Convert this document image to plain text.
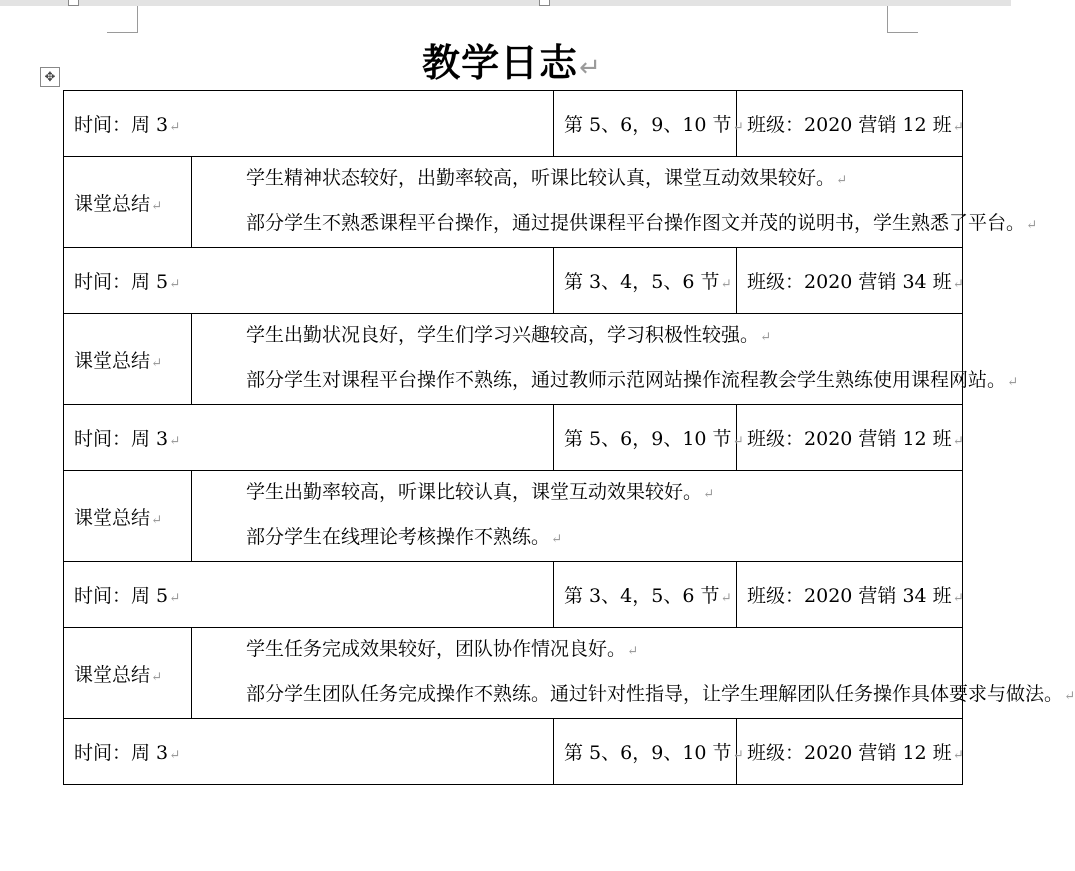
✥	教学日志↵
时间：周 3↵		第 5、6，9、10 节↵	班级：2020 营销 12 班↵
课堂总结↵	学生精神状态较好，出勤率较高，听课比较认真，课堂互动效果较好。↵

部分学生不熟悉课程平台操作，通过提供课程平台操作图文并茂的说明书，学生熟悉了平台。↵		

时间：周 5↵		第 3、4，5、6 节↵	班级：2020 营销 34 班↵
课堂总结↵	学生出勤状况良好，学生们学习兴趣较高，学习积极性较强。↵

部分学生对课程平台操作不熟练，通过教师示范网站操作流程教会学生熟练使用课程网站。↵		

时间：周 3↵		第 5、6，9、10 节↵	班级：2020 营销 12 班↵
课堂总结↵	学生出勤率较高，听课比较认真，课堂互动效果较好。↵

部分学生在线理论考核操作不熟练。↵		

时间：周 5↵		第 3、4，5、6 节↵	班级：2020 营销 34 班↵
课堂总结↵	学生任务完成效果较好，团队协作情况良好。↵

部分学生团队任务完成操作不熟练。通过针对性指导，让学生理解团队任务操作具体要求与做法。↵		

时间：周 3↵		第 5、6，9、10 节↵	班级：2020 营销 12 班↵
